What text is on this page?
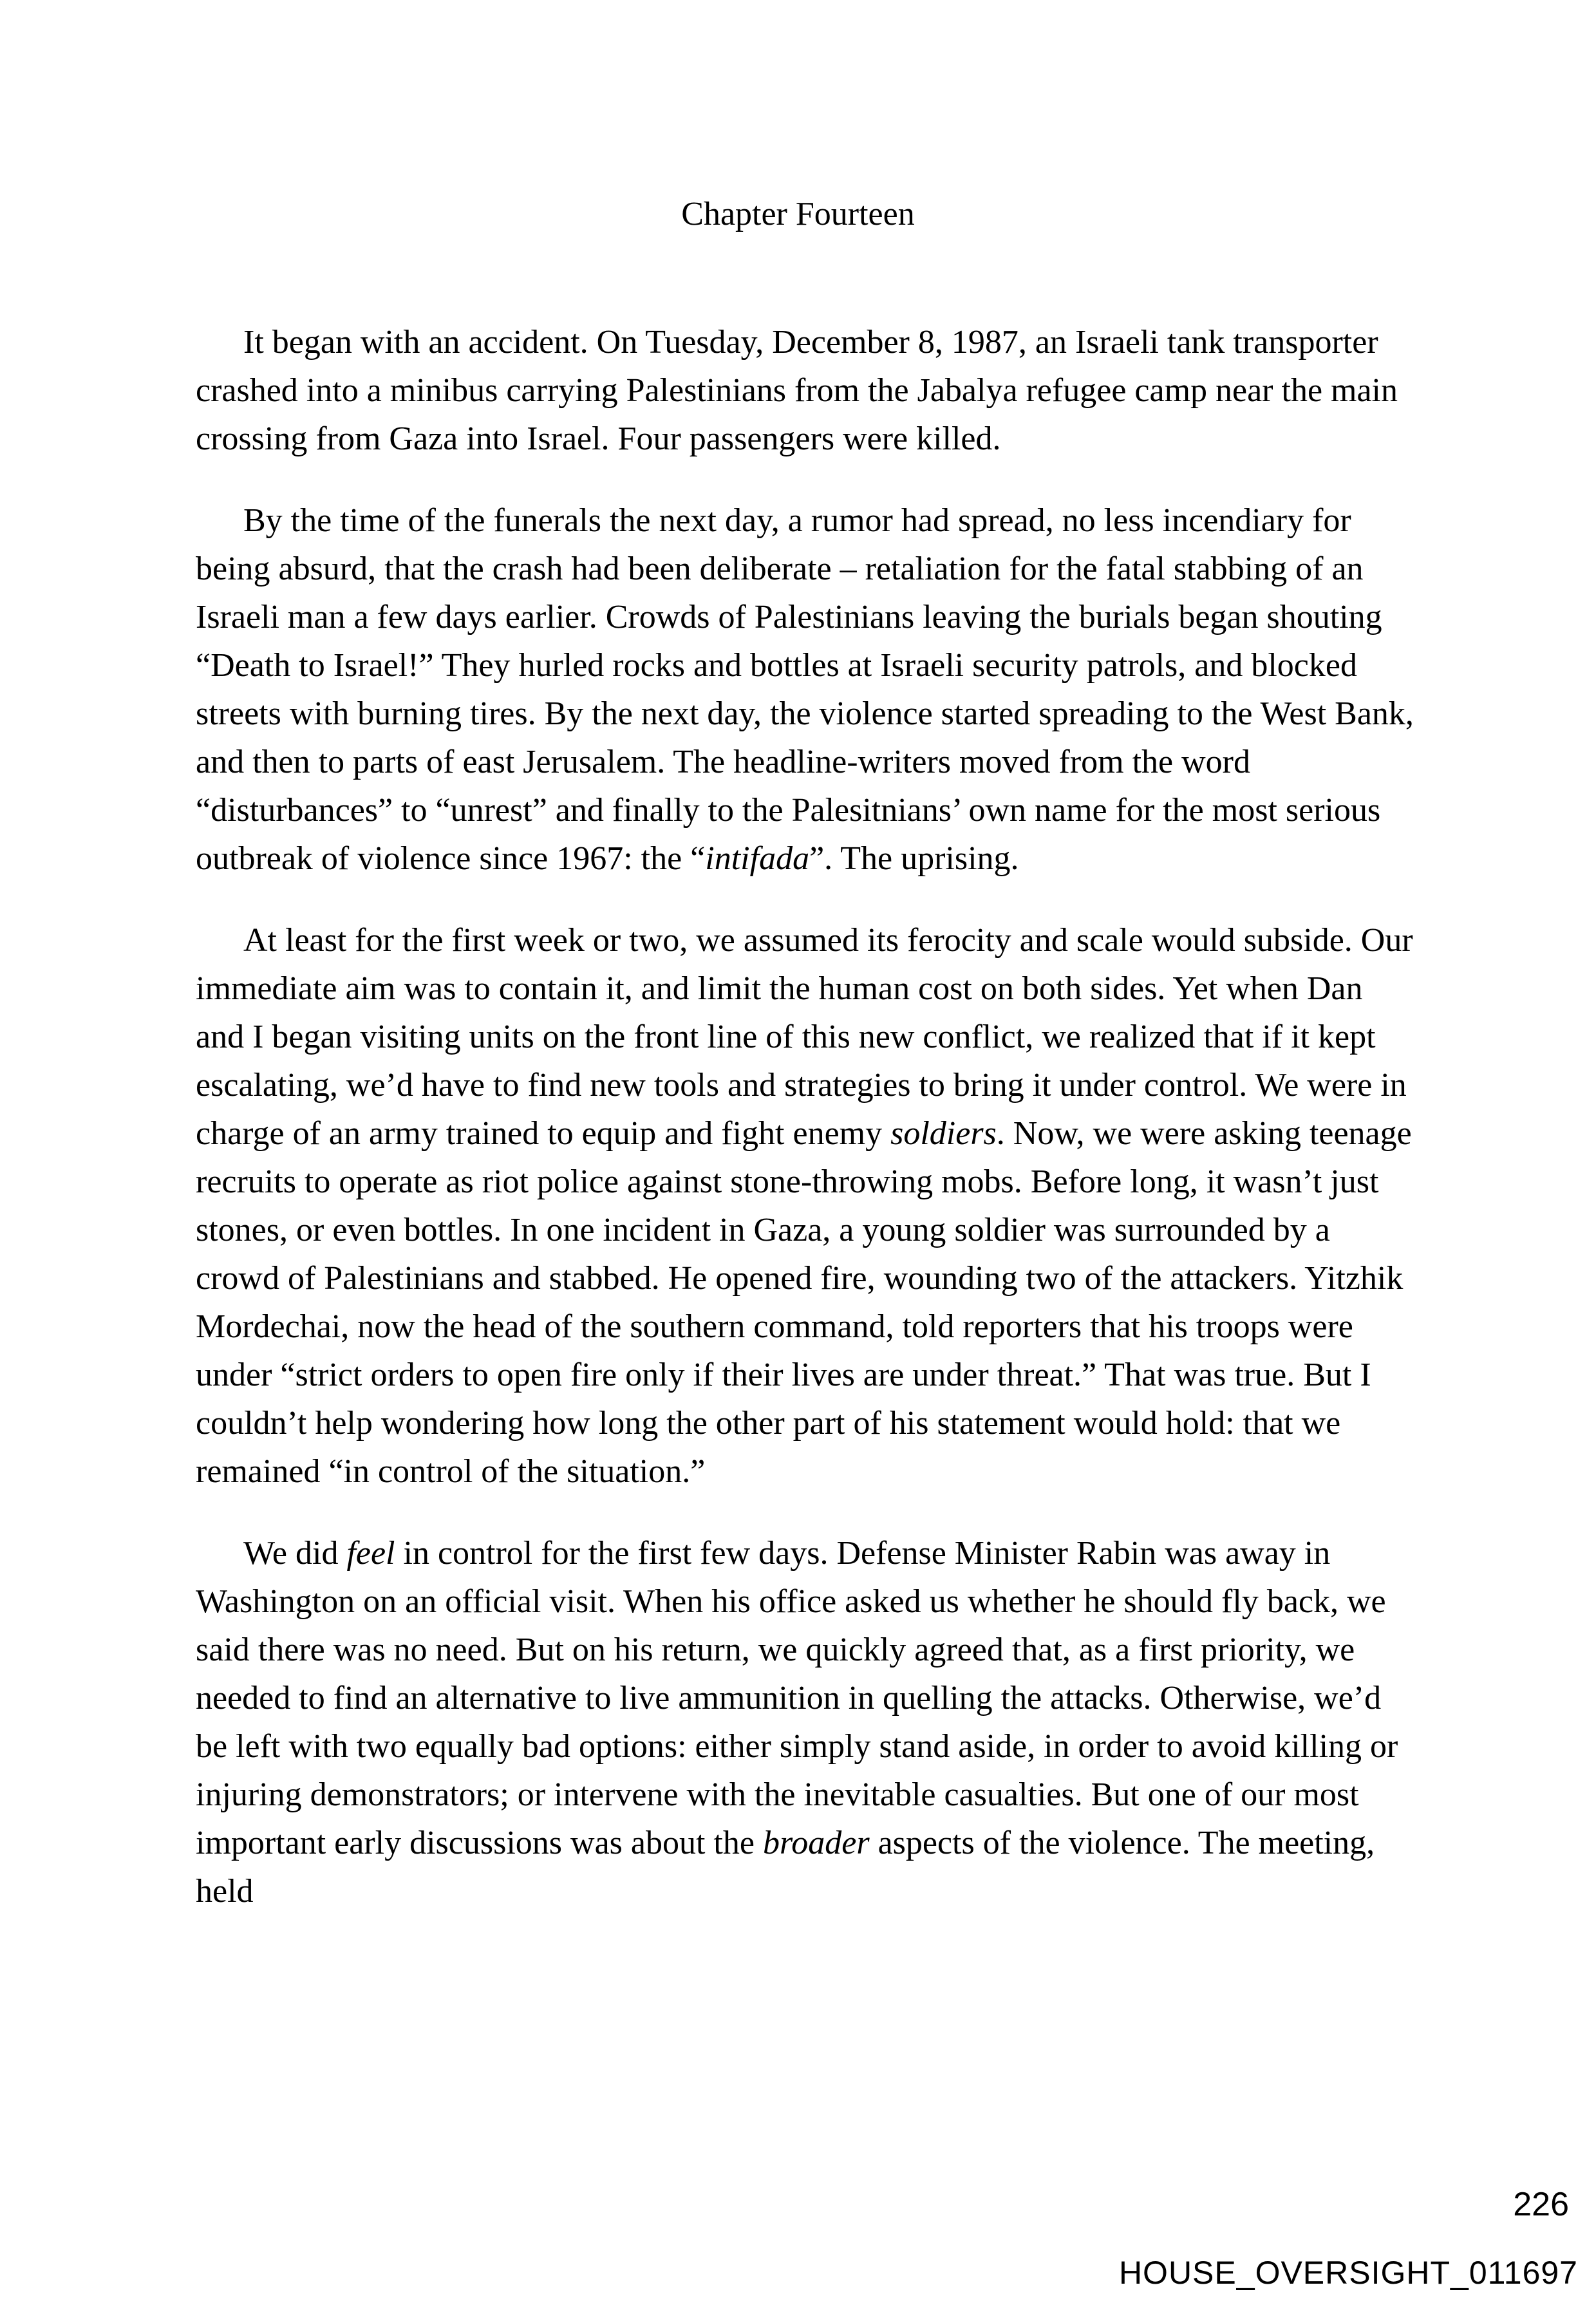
Chapter Fourteen

It began with an accident. On Tuesday, December 8, 1987, an Israeli tank transporter crashed into a minibus carrying Palestinians from the Jabalya refugee camp near the main crossing from Gaza into Israel. Four passengers were killed.

By the time of the funerals the next day, a rumor had spread, no less incendiary for being absurd, that the crash had been deliberate – retaliation for the fatal stabbing of an Israeli man a few days earlier. Crowds of Palestinians leaving the burials began shouting “Death to Israel!” They hurled rocks and bottles at Israeli security patrols, and blocked streets with burning tires. By the next day, the violence started spreading to the West Bank, and then to parts of east Jerusalem. The headline-writers moved from the word “disturbances” to “unrest” and finally to the Palesitnians’ own name for the most serious outbreak of violence since 1967: the “intifada”. The uprising.

At least for the first week or two, we assumed its ferocity and scale would subside. Our immediate aim was to contain it, and limit the human cost on both sides. Yet when Dan and I began visiting units on the front line of this new conflict, we realized that if it kept escalating, we’d have to find new tools and strategies to bring it under control. We were in charge of an army trained to equip and fight enemy soldiers. Now, we were asking teenage recruits to operate as riot police against stone-throwing mobs. Before long, it wasn’t just stones, or even bottles. In one incident in Gaza, a young soldier was surrounded by a crowd of Palestinians and stabbed. He opened fire, wounding two of the attackers. Yitzhik Mordechai, now the head of the southern command, told reporters that his troops were under “strict orders to open fire only if their lives are under threat.” That was true. But I couldn’t help wondering how long the other part of his statement would hold: that we remained “in control of the situation.”

We did feel in control for the first few days. Defense Minister Rabin was away in Washington on an official visit. When his office asked us whether he should fly back, we said there was no need. But on his return, we quickly agreed that, as a first priority, we needed to find an alternative to live ammunition in quelling the attacks. Otherwise, we’d be left with two equally bad options: either simply stand aside, in order to avoid killing or injuring demonstrators; or intervene with the inevitable casualties. But one of our most important early discussions was about the broader aspects of the violence. The meeting, held

226
HOUSE_OVERSIGHT_011697
